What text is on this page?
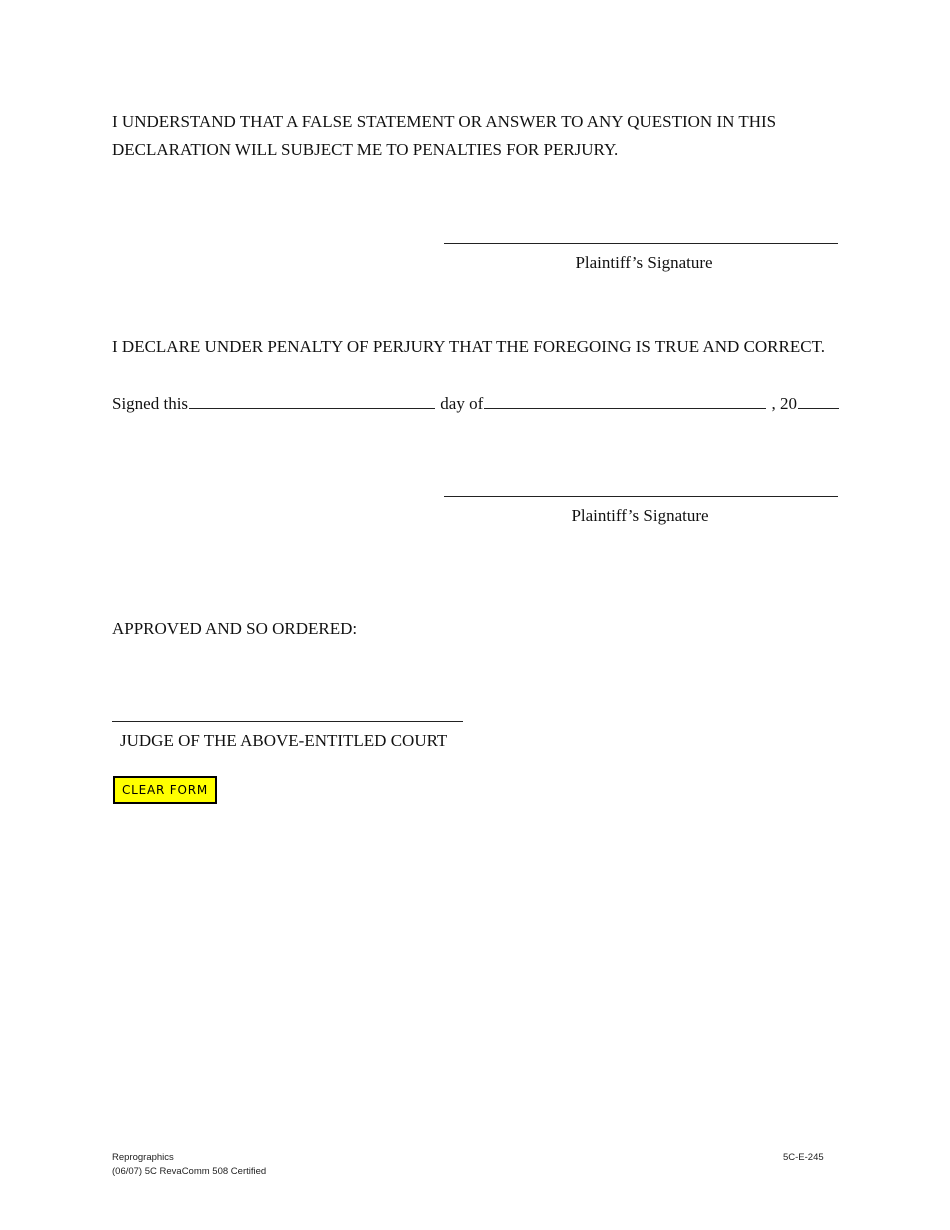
I UNDERSTAND THAT A FALSE STATEMENT OR ANSWER TO ANY QUESTION IN THIS
DECLARATION WILL SUBJECT ME TO PENALTIES FOR PERJURY.
Plaintiff’s Signature
I DECLARE UNDER PENALTY OF PERJURY THAT THE FOREGOING IS TRUE AND CORRECT.
Signed this	day of	, 20
Plaintiff’s Signature
APPROVED AND SO ORDERED:
JUDGE OF THE ABOVE-ENTITLED COURT
CLEAR FORM
Reprographics
(06/07) 5C RevaComm 508 Certified
5C-E-245
